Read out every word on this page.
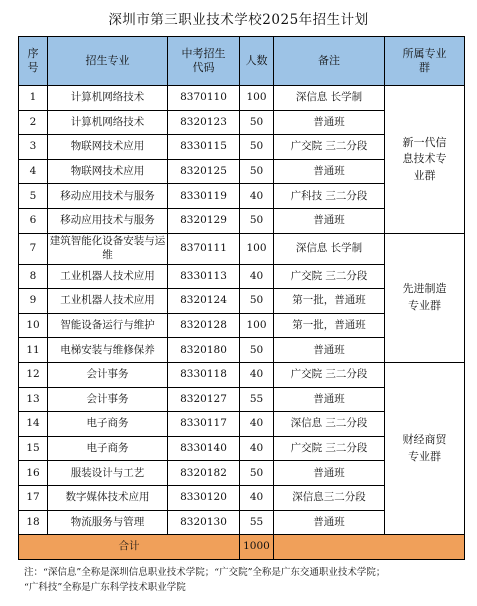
深圳市第三职业技术学校2025年招生计划
序号	招生专业	中考招生代码	人数	备注	所属专业群
1	计算机网络技术	8370110	100	深信息 长学制	新一代信息技术专业群
2	计算机网络技术	8320123	50	普通班	
3	物联网技术应用	8330115	50	广交院 三二分段	
4	物联网技术应用	8320125	50	普通班	
5	移动应用技术与服务	8330119	40	广科技 三二分段	
6	移动应用技术与服务	8320129	50	普通班	
7	建筑智能化设备安装与运维	8370111	100	深信息 长学制	先进制造专业群
8	工业机器人技术应用	8330113	40	广交院 三二分段	
9	工业机器人技术应用	8320124	50	第一批，普通班	
10	智能设备运行与维护	8320128	100	第一批，普通班	
11	电梯安装与维修保养	8320180	50	普通班	
12	会计事务	8330118	40	广交院 三二分段	财经商贸专业群
13	会计事务	8320127	55	普通班	
14	电子商务	8330117	40	深信息 三二分段	
15	电子商务	8330140	40	广交院 三二分段	
16	服装设计与工艺	8320182	50	普通班	
17	数字媒体技术应用	8330120	40	深信息三二分段	
18	物流服务与管理	8320130	55	普通班	
合计			1000		
注：“深信息”全称是深圳信息职业技术学院；“广交院”全称是广东交通职业技术学院；
“广科技”全称是广东科学技术职业学院
